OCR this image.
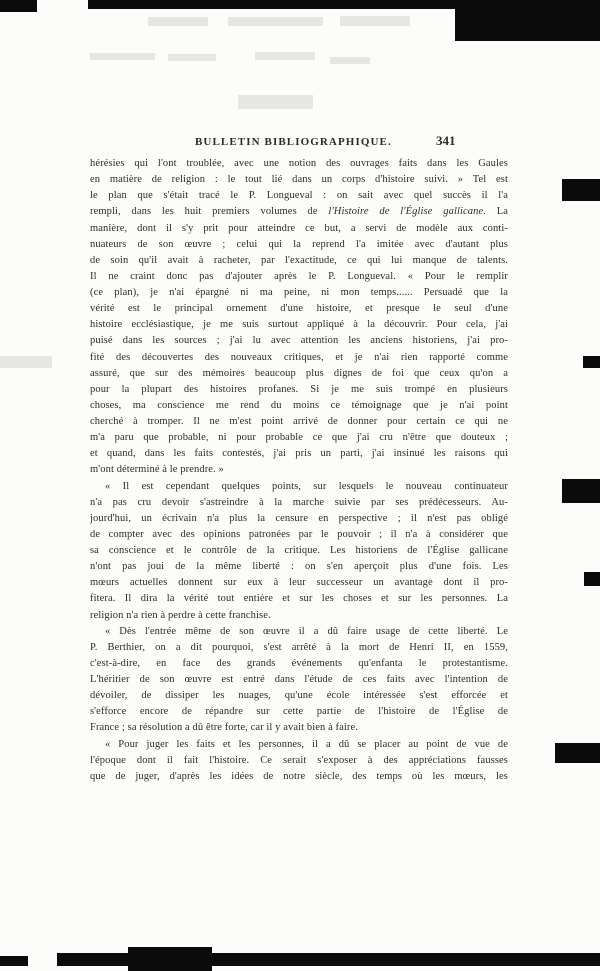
BULLETIN BIBLIOGRAPHIQUE.	341
hérésies qui l'ont troublée, avec une notion des ouvrages faits dans les Gaules
en matière de religion : le tout lié dans un corps d'histoire suivi. » Tel est
le plan que s'était tracé le P. Longueval : on sait avec quel succès il l'a
rempli, dans les huit premiers volumes de l'Histoire de l'Église gallicane. La
manière, dont il s'y prit pour atteindre ce but, a servi de modèle aux conti-
nuateurs de son œuvre ; celui qui la reprend l'a imitée avec d'autant plus
de soin qu'il avait à racheter, par l'exactitude, ce qui lui manque de talents.
Il ne craint donc pas d'ajouter après le P. Longueval. « Pour le remplir
(ce plan), je n'ai épargné ni ma peine, ni mon temps...... Persuadé que la
vérité est le principal ornement d'une histoire, et presque le seul d'une
histoire ecclésiastique, je me suis surtout appliqué à la découvrir. Pour cela, j'ai
puisé dans les sources ; j'ai lu avec attention les anciens historiens, j'ai pro-
fité des découvertes des nouveaux critiques, et je n'ai rien rapporté comme
assuré, que sur des mémoires beaucoup plus dignes de foi que ceux qu'on a
pour la plupart des histoires profanes. Si je me suis trompé en plusieurs
choses, ma conscience me rend du moins ce témoignage que je n'ai point
cherché à tromper. Il ne m'est point arrivé de donner pour certain ce qui ne
m'a paru que probable, ni pour probable ce que j'ai cru n'être que douteux ;
et quand, dans les faits contestés, j'ai pris un parti, j'ai insinué les raisons qui
m'ont déterminé à le prendre. »
« Il est cependant quelques points, sur lesquels le nouveau continuateur
n'a pas cru devoir s'astreindre à la marche suivie par ses prédécesseurs. Au-
jourd'hui, un écrivain n'a plus la censure en perspective ; il n'est pas obligé
de compter avec des opinions patronées par le pouvoir ; il n'a à considérer que
sa conscience et le contrôle de la critique. Les historiens de l'Église gallicane
n'ont pas joui de la même liberté : on s'en aperçoit plus d'une fois. Les
mœurs actuelles donnent sur eux à leur successeur un avantage dont il pro-
fitera. Il dira la vérité tout entière et sur les choses et sur les personnes. La
religion n'a rien à perdre à cette franchise.
« Dès l'entrée même de son œuvre il a dû faire usage de cette liberté. Le
P. Berthier, on a dit pourquoi, s'est arrêté à la mort de Henri II, en 1559,
c'est-à-dire, en face des grands événements qu'enfanta le protestantisme.
L'héritier de son œuvre est entré dans l'étude de ces faits avec l'intention de
dévoiler, de dissiper les nuages, qu'une école intéressée s'est efforcée et
s'efforce encore de répandre sur cette partie de l'histoire de l'Église de
France ; sa résolution a dû être forte, car il y avait bien à faire.
« Pour juger les faits et les personnes, il a dû se placer au point de vue de
l'époque dont il fait l'histoire. Ce serait s'exposer à des appréciations fausses
que de juger, d'après les idées de notre siècle, des temps où les mœurs, les
